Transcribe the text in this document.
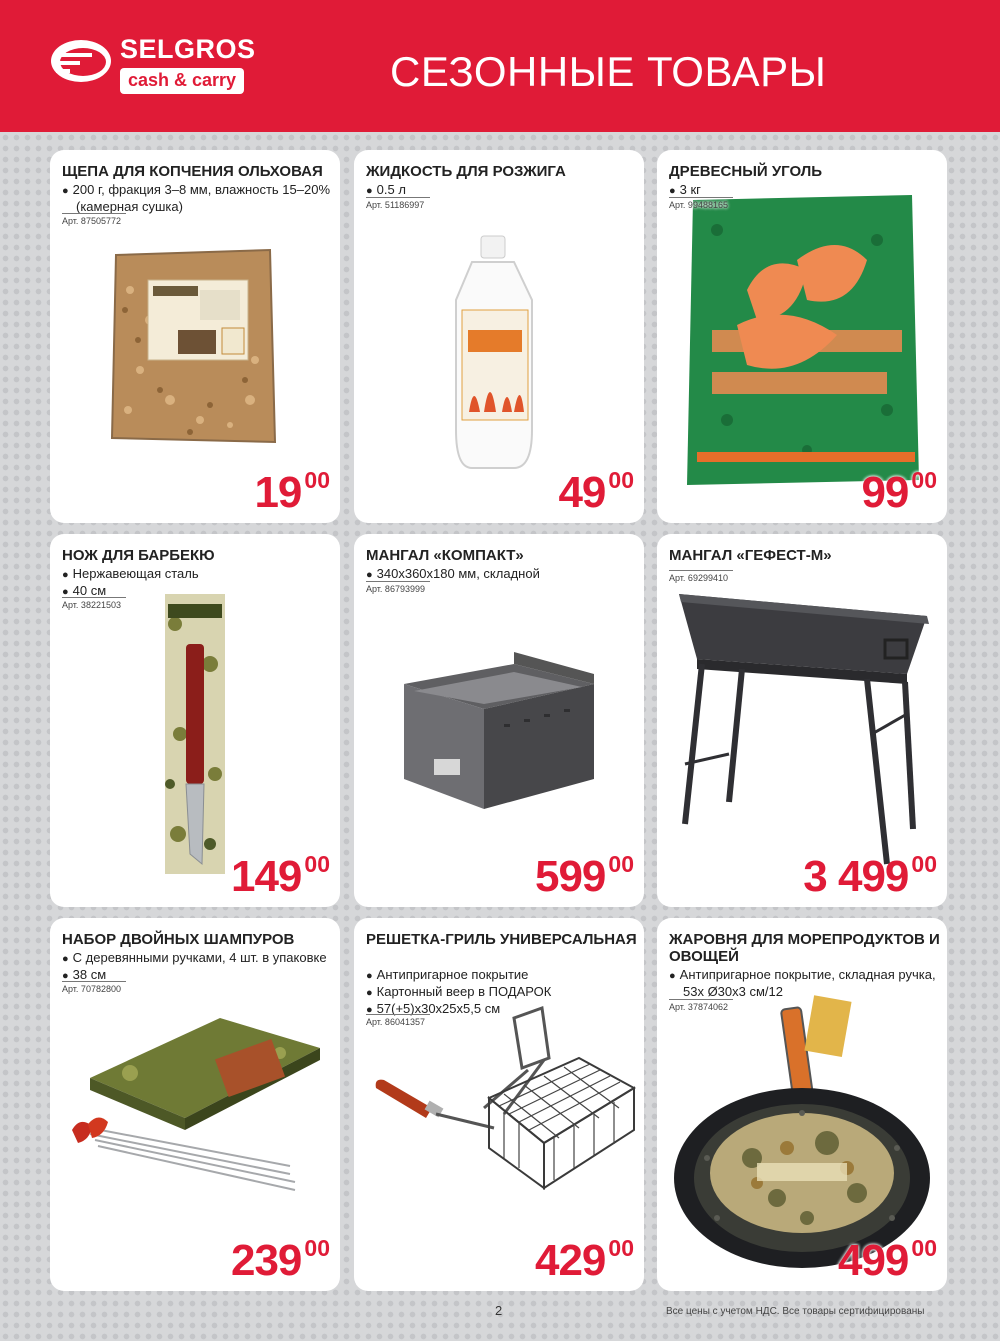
SELGROS
cash & carry	СЕЗОННЫЕ ТОВАРЫ
ЩЕПА ДЛЯ КОПЧЕНИЯ ОЛЬХОВАЯ
● 200 г, фракция 3–8 мм, влажность 15–20% (камерная сушка)
Арт. 87505772
19 00
ЖИДКОСТЬ ДЛЯ РОЗЖИГА
● 0.5 л
Арт. 51186997
49 00
ДРЕВЕСНЫЙ УГОЛЬ
● 3 кг
Арт. 99488165
99 00
НОЖ ДЛЯ БАРБЕКЮ
● Нержавеющая сталь
● 40 см
Арт. 38221503
149 00
МАНГАЛ «КОМПАКТ»
● 340x360x180 мм, складной
Арт. 86793999
599 00
МАНГАЛ «ГЕФЕСТ-М»
Арт. 69299410
3 499 00
НАБОР ДВОЙНЫХ ШАМПУРОВ
● С деревянными ручками, 4 шт. в упаковке
● 38 см
Арт. 70782800
239 00
РЕШЕТКА-ГРИЛЬ УНИВЕРСАЛЬНАЯ
● Антипригарное покрытие
● Картонный веер в ПОДАРОК
● 57(+5)x30x25x5,5 см
Арт. 86041357
429 00
ЖАРОВНЯ ДЛЯ МОРЕПРОДУКТОВ И ОВОЩЕЙ
● Антипригарное покрытие, складная ручка, 53х Ø30х3 см/12
Арт. 37874062
499 00
2	Все цены с учетом НДС. Все товары сертифицированы
